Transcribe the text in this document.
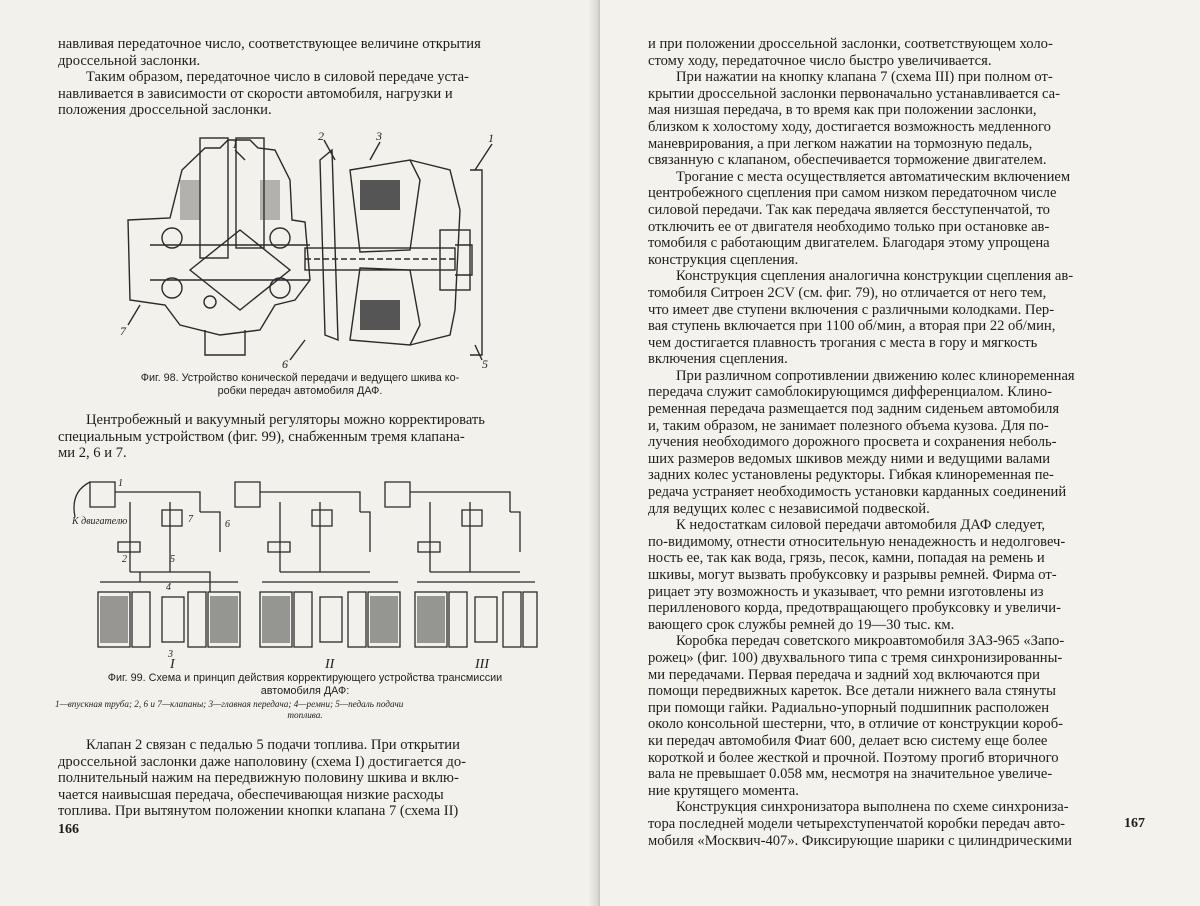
навливая передаточное число, соответствующее величине открытия

дроссельной заслонки.

Таким образом, передаточное число в силовой передаче уста-

навливается в зависимости от скорости автомобиля, нагрузки и

положения дроссельной заслонки.

1
2	3	1
7
6	5
Фиг. 98. Устройство конической передачи и ведущего шкива ко-
робки передач автомобиля ДАФ.

Центробежный и вакуумный регуляторы можно корректировать

специальным устройством (фиг. 99), снабженным тремя клапана-

ми 2, 6 и 7.

К двигателю
1
2
3
4
5
6
7
I	II	III
Фиг. 99. Схема и принцип действия корректирующего устройства трансмиссии
автомобиля ДАФ:
1—впускная труба; 2, 6 и 7—клапаны; 3—главная передача; 4—ремни; 5—педаль подачи
топлива.

Клапан 2 связан с педалью 5 подачи топлива. При открытии

дроссельной заслонки даже наполовину (схема I) достигается до-

полнительный нажим на передвижную половину шкива и вклю-

чается наивысшая передача, обеспечивающая низкие расходы

топлива. При вытянутом положении кнопки клапана 7 (схема II)

166

и при положении дроссельной заслонки, соответствующем холо-

стому ходу, передаточное число быстро увеличивается.

При нажатии на кнопку клапана 7 (схема III) при полном от-

крытии дроссельной заслонки первоначально устанавливается са-

мая низшая передача, в то время как при положении заслонки,

близком к холостому ходу, достигается возможность медленного

маневрирования, а при легком нажатии на тормозную педаль,

связанную с клапаном, обеспечивается торможение двигателем.

Трогание с места осуществляется автоматическим включением

центробежного сцепления при самом низком передаточном числе

силовой передачи. Так как передача является бесступенчатой, то

отключить ее от двигателя необходимо только при остановке ав-

томобиля с работающим двигателем. Благодаря этому упрощена

конструкция сцепления.

Конструкция сцепления аналогична конструкции сцепления ав-

томобиля Ситроен 2CV (см. фиг. 79), но отличается от него тем,

что имеет две ступени включения с различными колодками. Пер-

вая ступень включается при 1100 об/мин, а вторая при 22 об/мин,

чем достигается плавность трогания с места в гору и мягкость

включения сцепления.

При различном сопротивлении движению колес клиноременная

передача служит самоблокирующимся дифференциалом. Клино-

ременная передача размещается под задним сиденьем автомобиля

и, таким образом, не занимает полезного объема кузова. Для по-

лучения необходимого дорожного просвета и сохранения неболь-

ших размеров ведомых шкивов между ними и ведущими валами

задних колес установлены редукторы. Гибкая клиноременная пе-

редача устраняет необходимость установки карданных соединений

для ведущих колес с независимой подвеской.

К недостаткам силовой передачи автомобиля ДАФ следует,

по-видимому, отнести относительную ненадежность и недолговеч-

ность ее, так как вода, грязь, песок, камни, попадая на ремень и

шкивы, могут вызвать пробуксовку и разрывы ремней. Фирма от-

рицает эту возможность и указывает, что ремни изготовлены из

перилленового корда, предотвращающего пробуксовку и увеличи-

вающего срок службы ремней до 19—30 тыс. км.

Коробка передач советского микроавтомобиля ЗАЗ-965 «Запо-

рожец» (фиг. 100) двухвального типа с тремя синхронизированны-

ми передачами. Первая передача и задний ход включаются при

помощи передвижных кареток. Все детали нижнего вала стянуты

при помощи гайки. Радиально-упорный подшипник расположен

около консольной шестерни, что, в отличие от конструкции короб-

ки передач автомобиля Фиат 600, делает всю систему еще более

короткой и более жесткой и прочной. Поэтому прогиб вторичного

вала не превышает 0.058 мм, несмотря на значительное увеличе-

ние крутящего момента.

Конструкция синхронизатора выполнена по схеме синхрониза-

тора последней модели четырехступенчатой коробки передач авто-

мобиля «Москвич-407». Фиксирующие шарики с цилиндрическими

167
